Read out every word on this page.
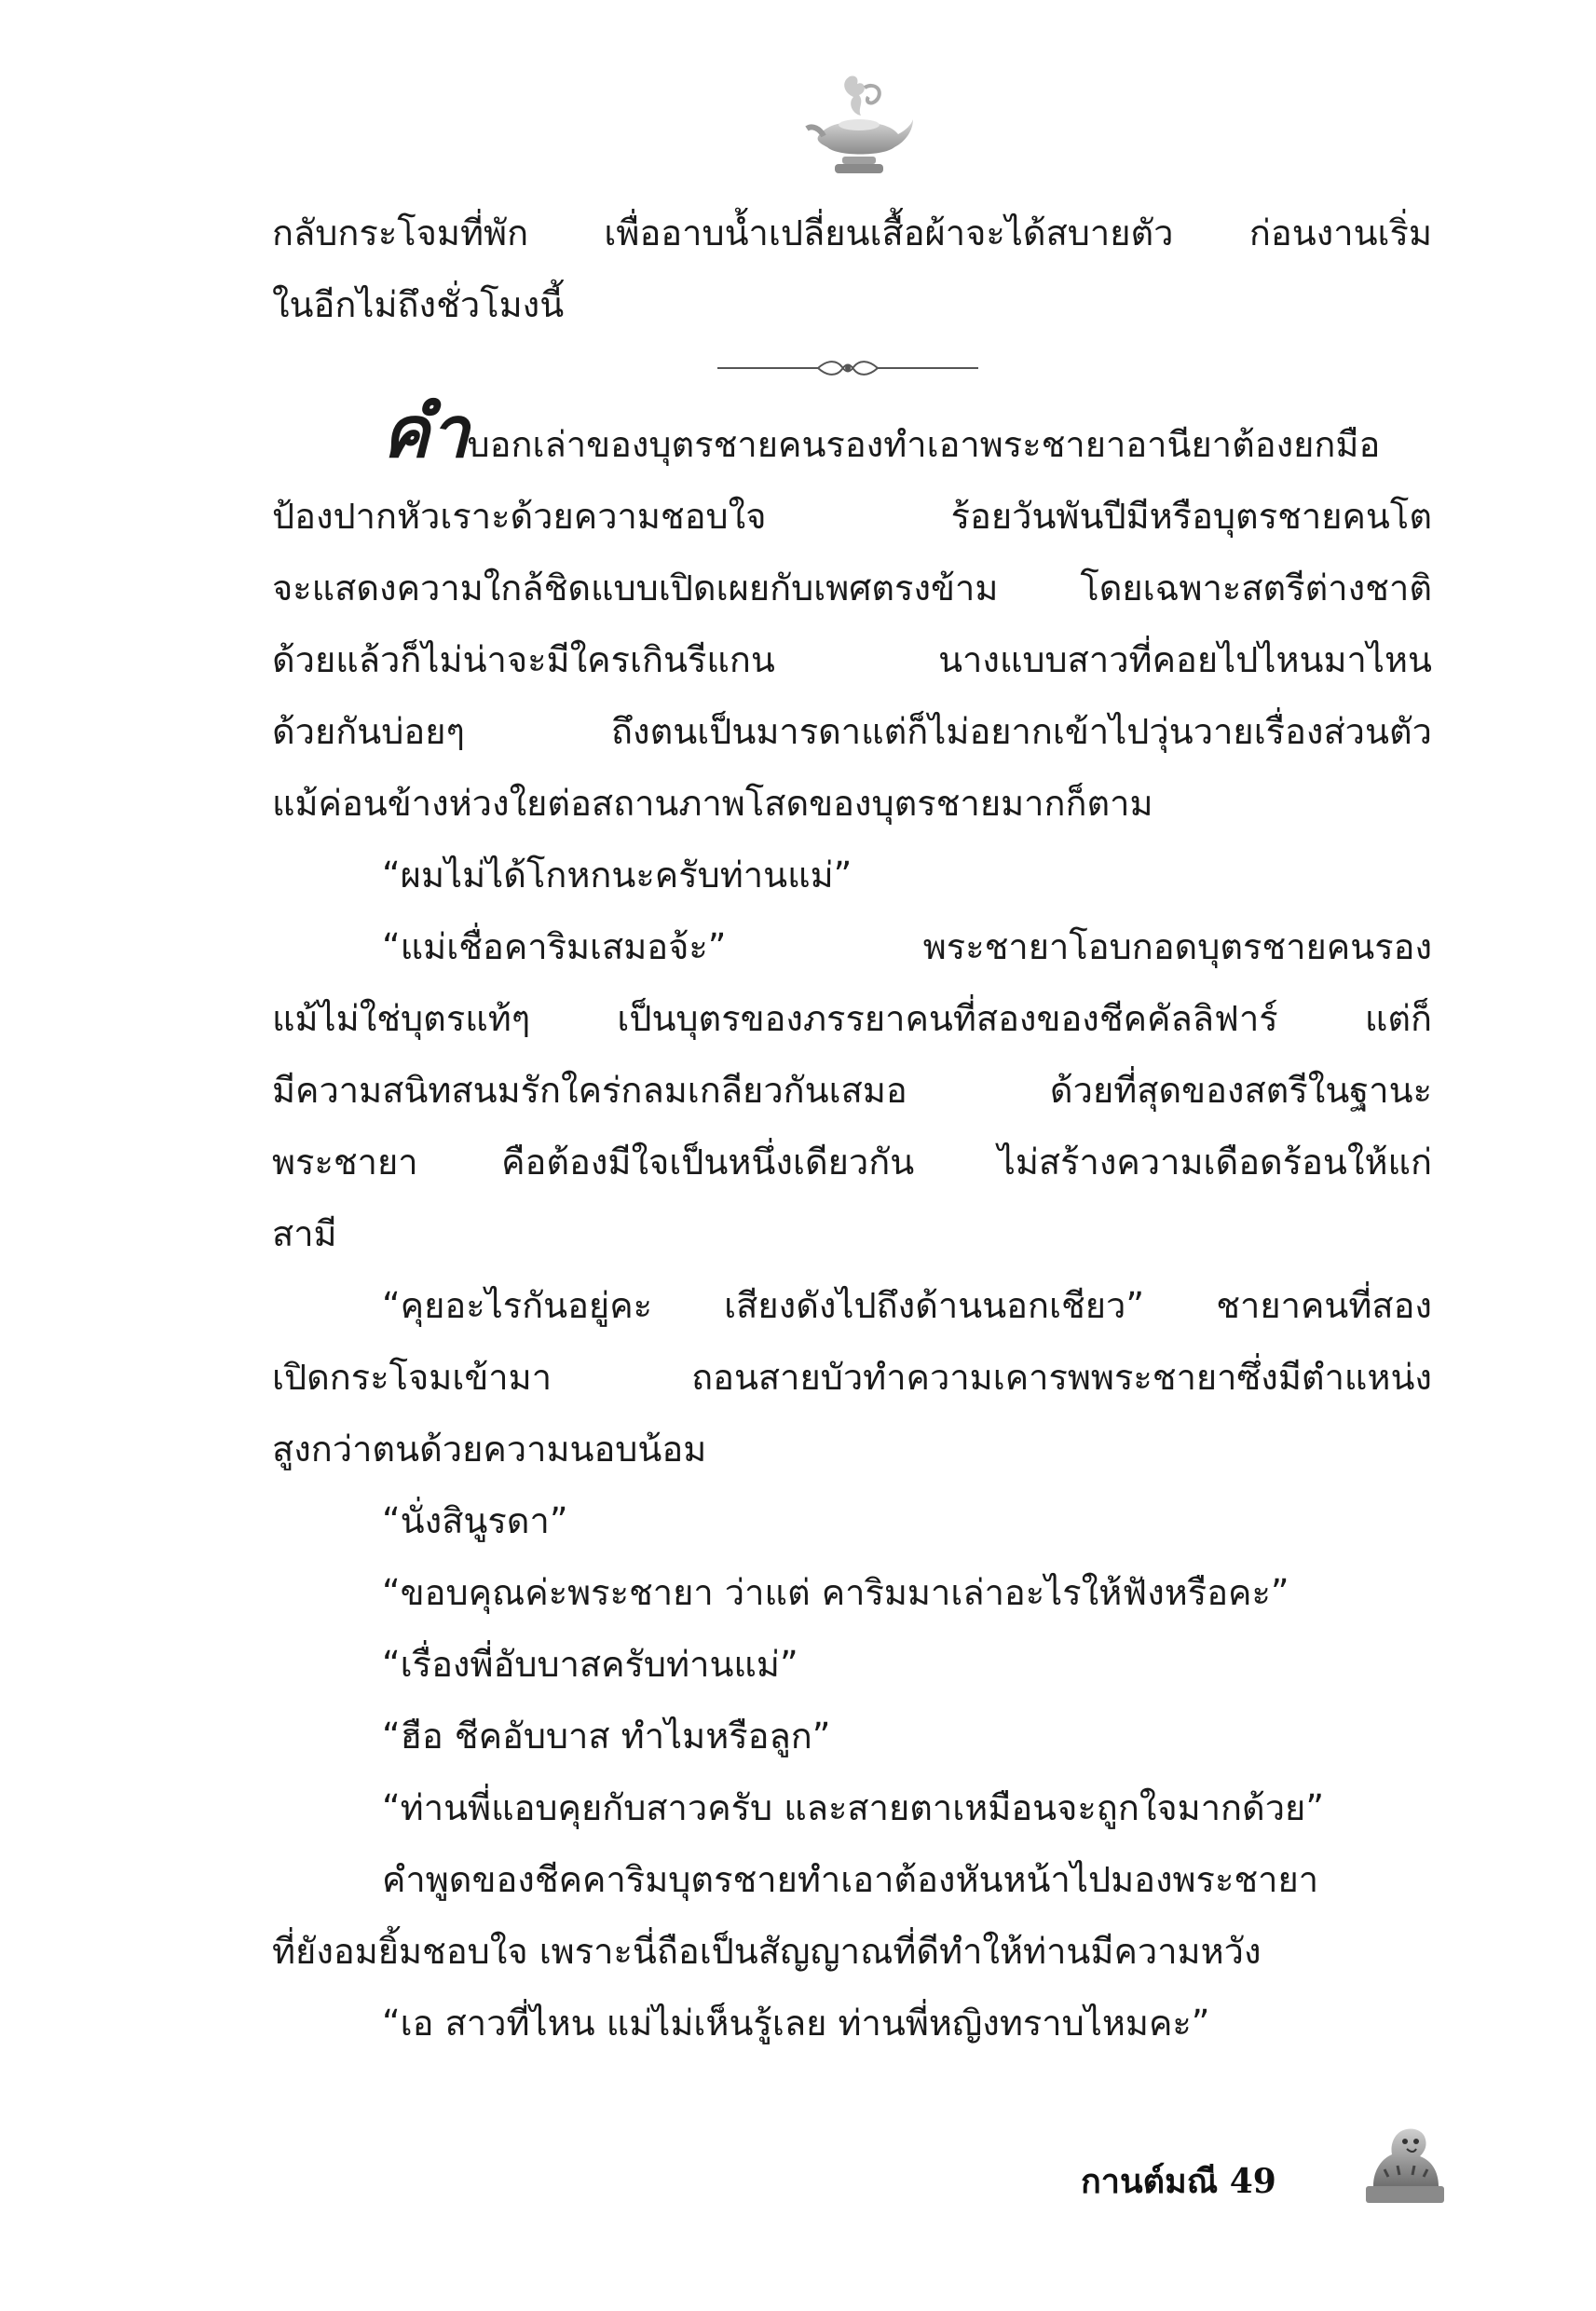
กลับกระโจมที่พัก เพื่ออาบน้ำเปลี่ยนเสื้อผ้าจะได้สบายตัว ก่อนงานเริ่ม

ในอีกไม่ถึงชั่วโมงนี้

คำบอกเล่าของบุตรชายคนรองทำเอาพระชายาอานียาต้องยกมือ

ป้องปากหัวเราะด้วยความชอบใจ ร้อยวันพันปีมีหรือบุตรชายคนโต

จะแสดงความใกล้ชิดแบบเปิดเผยกับเพศตรงข้าม โดยเฉพาะสตรีต่างชาติ

ด้วยแล้วก็ไม่น่าจะมีใครเกินรีแกน นางแบบสาวที่คอยไปไหนมาไหน

ด้วยกันบ่อยๆ ถึงตนเป็นมารดาแต่ก็ไม่อยากเข้าไปวุ่นวายเรื่องส่วนตัว

แม้ค่อนข้างห่วงใยต่อสถานภาพโสดของบุตรชายมากก็ตาม

“ผมไม่ได้โกหกนะครับท่านแม่”

“แม่เชื่อคาริมเสมอจ้ะ” พระชายาโอบกอดบุตรชายคนรอง

แม้ไม่ใช่บุตรแท้ๆ เป็นบุตรของภรรยาคนที่สองของชีคคัลลิฟาร์ แต่ก็

มีความสนิทสนมรักใคร่กลมเกลียวกันเสมอ ด้วยที่สุดของสตรีในฐานะ

พระชายา คือต้องมีใจเป็นหนึ่งเดียวกัน ไม่สร้างความเดือดร้อนให้แก่

สามี

“คุยอะไรกันอยู่คะ เสียงดังไปถึงด้านนอกเชียว” ชายาคนที่สอง

เปิดกระโจมเข้ามา ถอนสายบัวทำความเคารพพระชายาซึ่งมีตำแหน่ง

สูงกว่าตนด้วยความนอบน้อม

“นั่งสินูรดา”

“ขอบคุณค่ะพระชายา ว่าแต่ คาริมมาเล่าอะไรให้ฟังหรือคะ”

“เรื่องพี่อับบาสครับท่านแม่”

“ฮือ ชีคอับบาส ทำไมหรือลูก”

“ท่านพี่แอบคุยกับสาวครับ และสายตาเหมือนจะถูกใจมากด้วย”

คำพูดของชีคคาริมบุตรชายทำเอาต้องหันหน้าไปมองพระชายา

ที่ยังอมยิ้มชอบใจ เพราะนี่ถือเป็นสัญญาณที่ดีทำให้ท่านมีความหวัง

“เอ สาวที่ไหน แม่ไม่เห็นรู้เลย ท่านพี่หญิงทราบไหมคะ”

กานต์มณี 49
